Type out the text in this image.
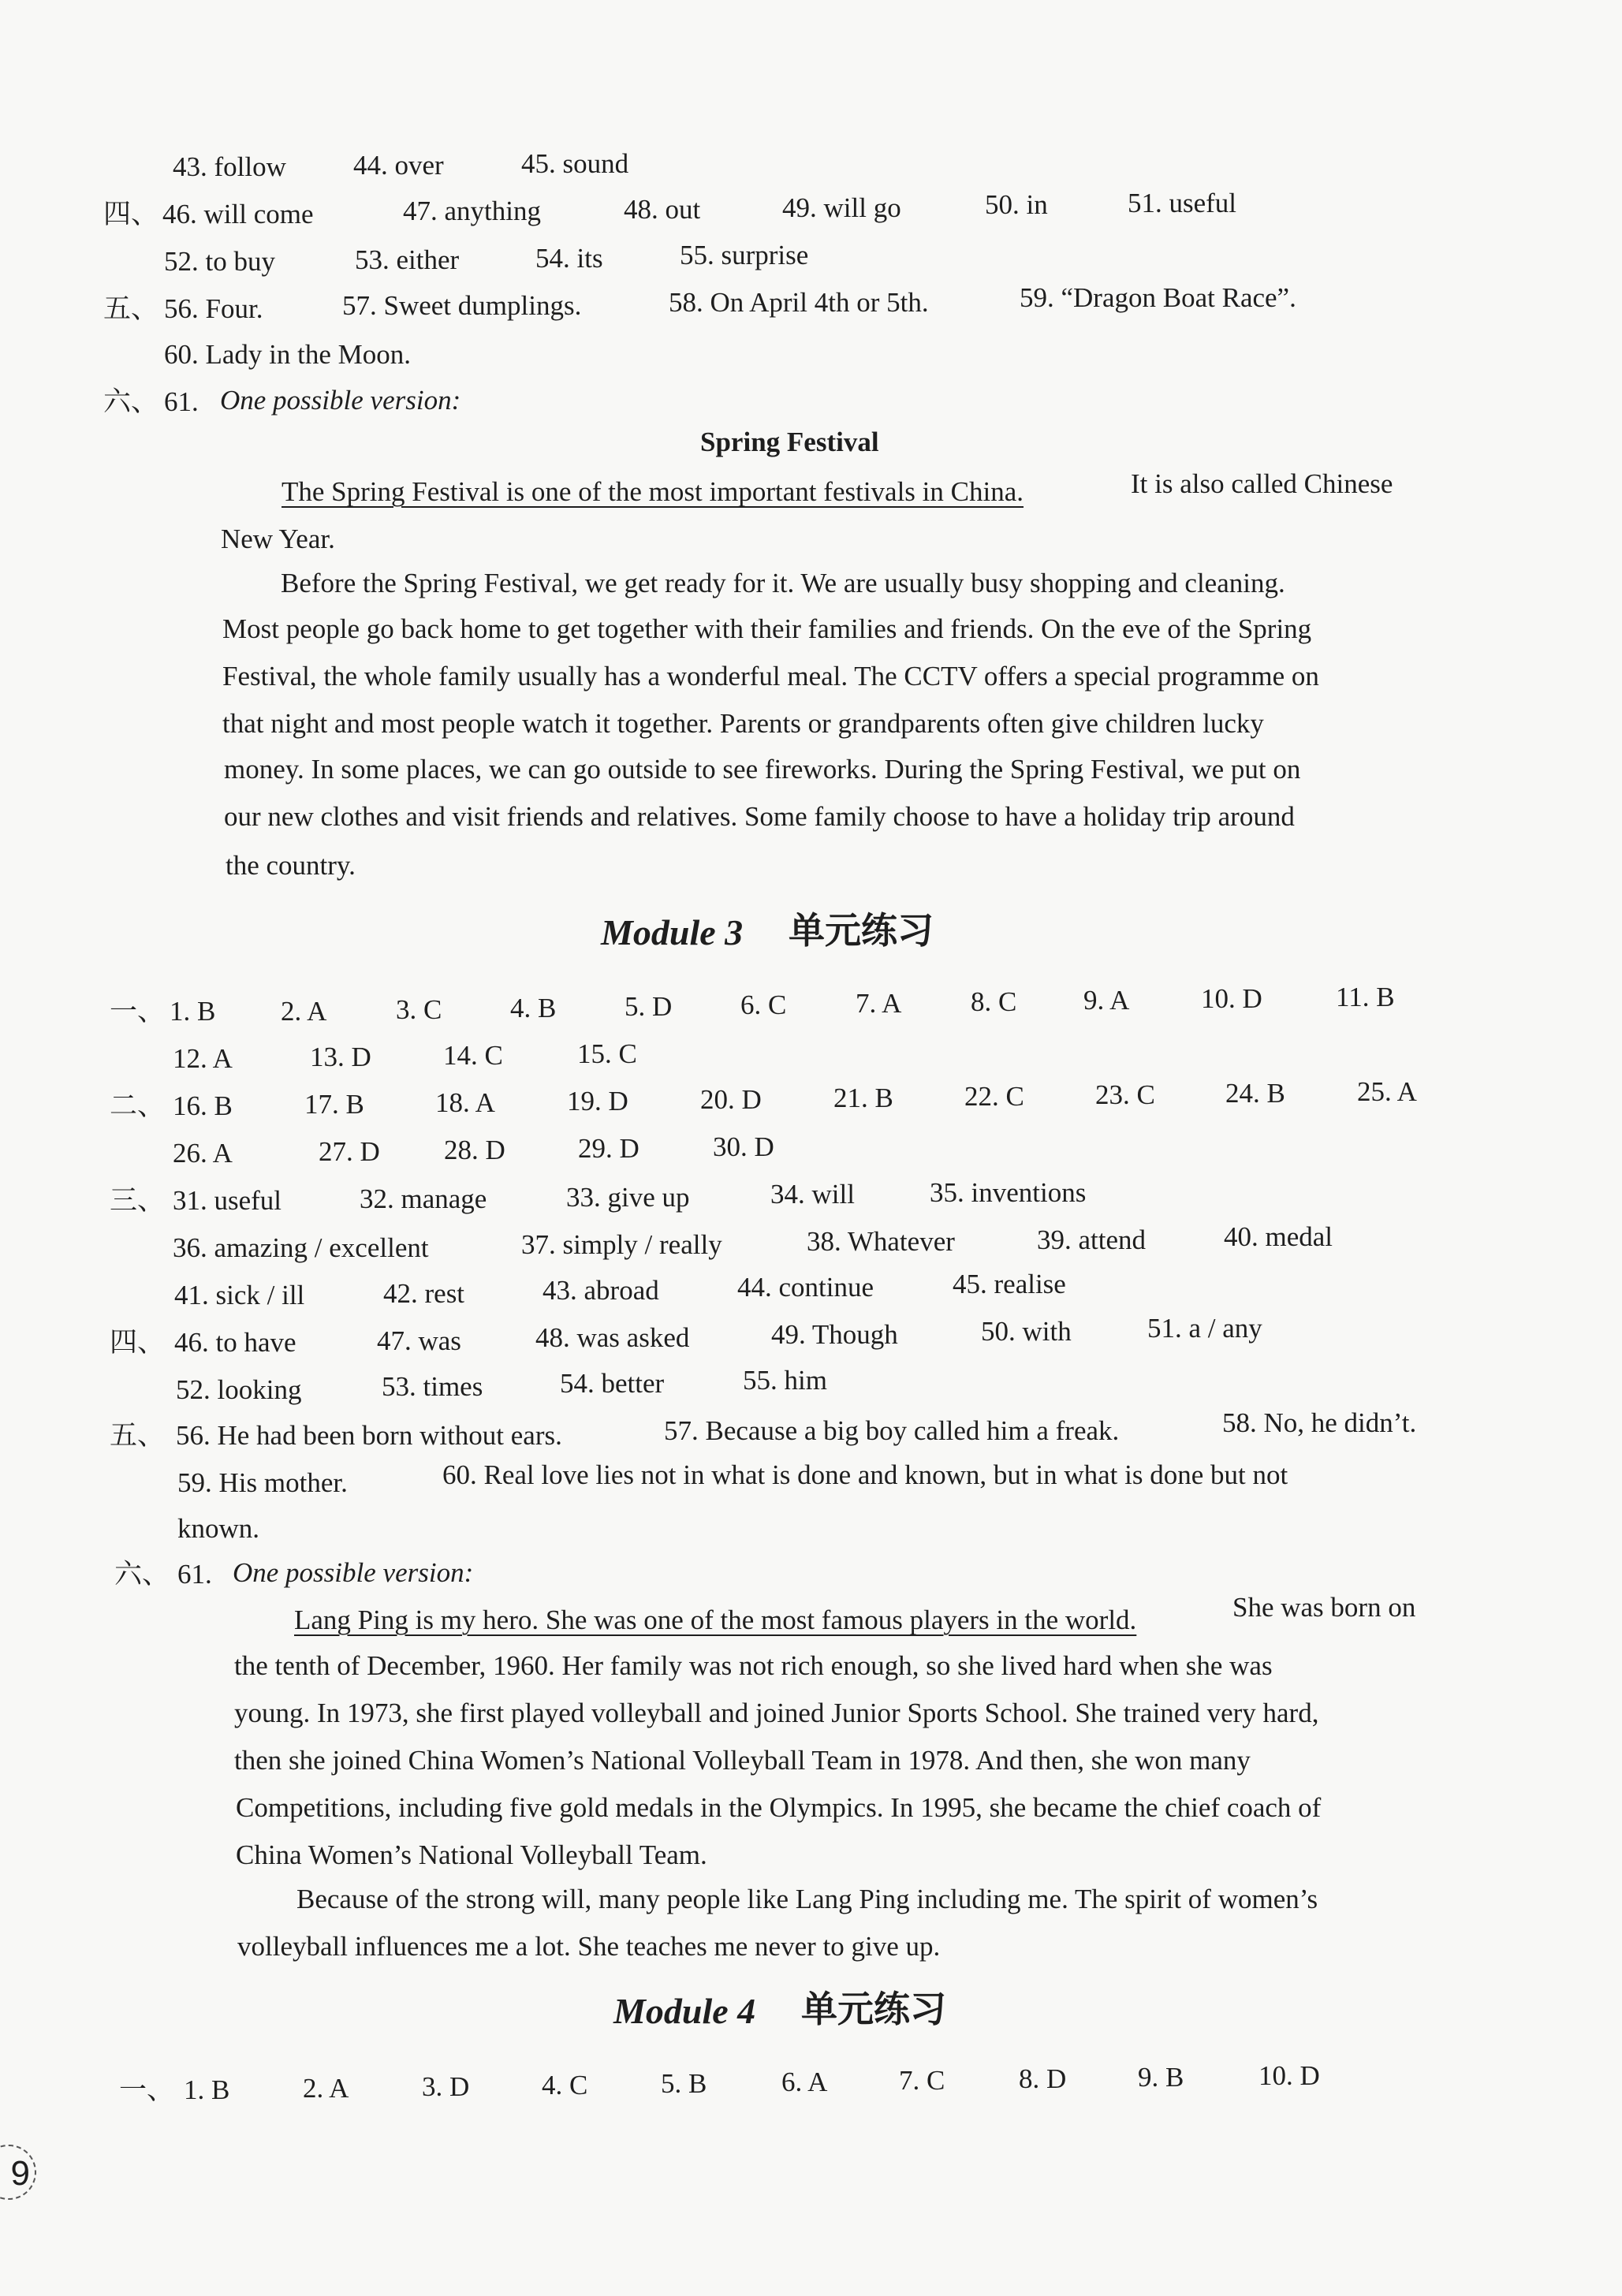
43. follow 44. over	45. sound
四、 46. will come	47. anything	48. out	49. will go	50. in	51. useful
52. to buy	53. either	54. its	55. surprise
五、 56. Four.	57. Sweet dumplings.	58. On April 4th or 5th.	59. “Dragon Boat Race”.
60. Lady in the Moon.
六、 61. One possible version:
Spring Festival
The Spring Festival is one of the most important festivals in China.	It is also called Chinese
New Year.
Before the Spring Festival, we get ready for it. We are usually busy shopping and cleaning.
Most people go back home to get together with their families and friends. On the eve of the Spring
Festival, the whole family usually has a wonderful meal. The CCTV offers a special programme on
that night and most people watch it together. Parents or grandparents often give children lucky
money. In some places, we can go outside to see fireworks. During the Spring Festival, we put on
our new clothes and visit friends and relatives. Some family choose to have a holiday trip around
the country.
Module 3 单元练习
一、 1. B 2. A	3. C 4. B 5. D 6. C	7. A	8. C 9. A	10. D	11. B
12. A	13. D	14. C	15. C
二、 16. B	17. B	18. A	19. D	20. D	21. B	22. C	23. C	24. B	25. A
26. A	27. D 28. D	29. D	30. D
三、 31. useful	32. manage	33. give up	34. will	35. inventions
36. amazing / excellent	37. simply / really	38. Whatever	39. attend	40. medal
41. sick / ill	42. rest	43. abroad	44. continue	45. realise
四、 46. to have	47. was	48. was asked	49. Though	50. with	51. a / any
52. looking	53. times	54. better	55. him
五、 56. He had been born without ears.	57. Because a big boy called him a freak.	58. No, he didn’t.
59. His mother.	60. Real love lies not in what is done and known, but in what is done but not
known.
六、 61. One possible version:
Lang Ping is my hero. She was one of the most famous players in the world.	She was born on
the tenth of December, 1960. Her family was not rich enough, so she lived hard when she was
young. In 1973, she first played volleyball and joined Junior Sports School. She trained very hard,
then she joined China Women’s National Volleyball Team in 1978. And then, she won many
Competitions, including five gold medals in the Olympics. In 1995, she became the chief coach of
China Women’s National Volleyball Team.
Because of the strong will, many people like Lang Ping including me. The spirit of women’s
volleyball influences me a lot. She teaches me never to give up.
Module 4 单元练习
一、 1. B	2. A	3. D	4. C	5. B	6. A	7. C	8. D	9. B	10. D
9
